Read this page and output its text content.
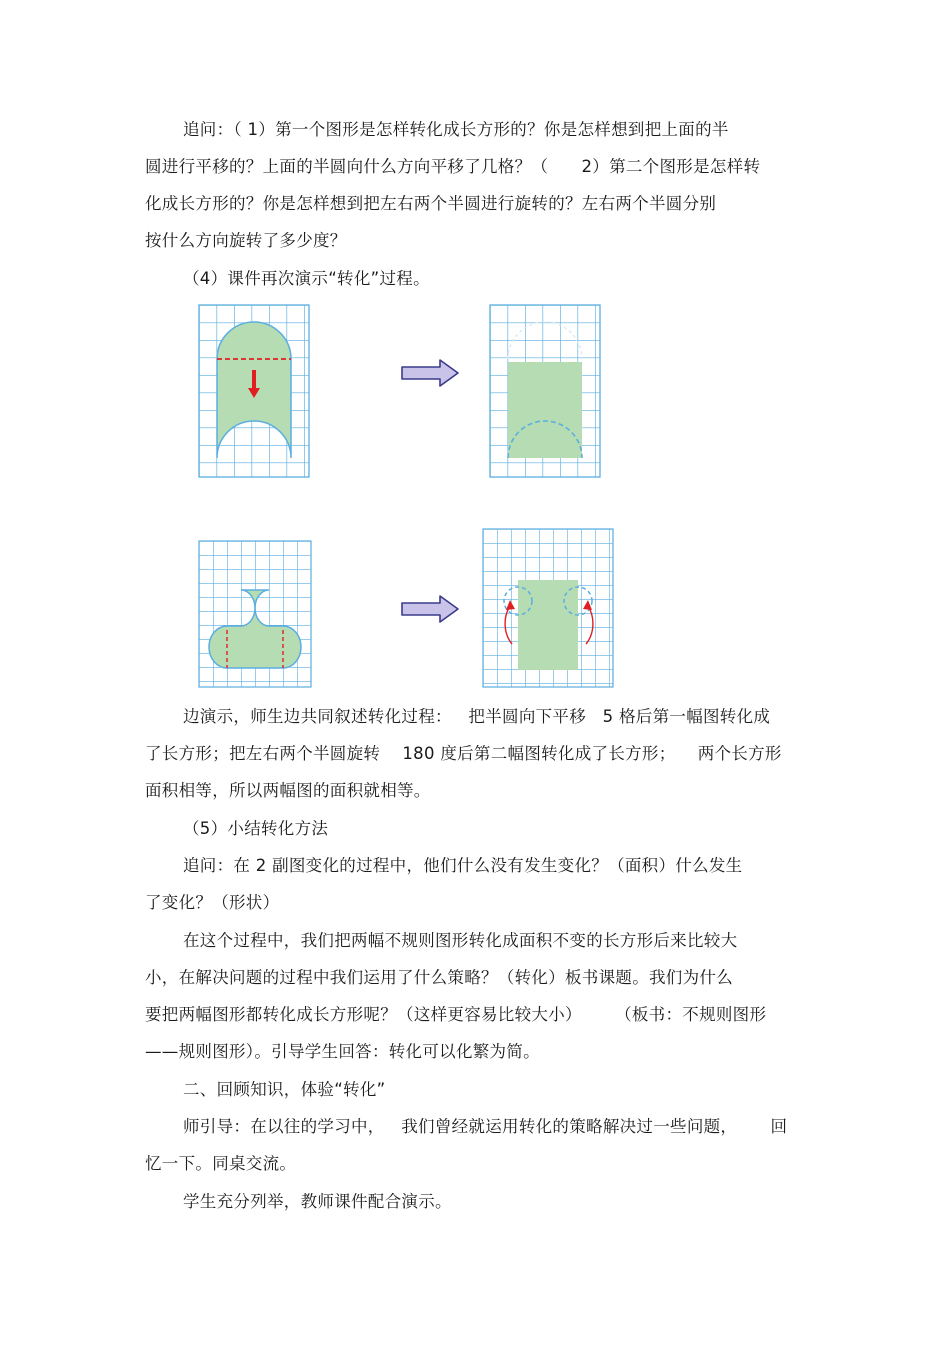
追问：（ 1）第一个图形是怎样转化成长方形的？你是怎样想到把上面的半
圆进行平移的？上面的半圆向什么方向平移了几格？（      2）第二个图形是怎样转
化成长方形的？你是怎样想到把左右两个半圆进行旋转的？左右两个半圆分别
按什么方向旋转了多少度？
（4）课件再次演示“转化”过程。
边演示，师生边共同叙述转化过程：   把半圆向下平移   5 格后第一幅图转化成
了长方形；把左右两个半圆旋转    180 度后第二幅图转化成了长方形；    两个长方形
面积相等，所以两幅图的面积就相等。
（5）小结转化方法
追问：在 2 副图变化的过程中，他们什么没有发生变化？（面积）什么发生
了变化？（形状）
在这个过程中，我们把两幅不规则图形转化成面积不变的长方形后来比较大
小，在解决问题的过程中我们运用了什么策略？（转化）板书课题。我们为什么
要把两幅图形都转化成长方形呢？（这样更容易比较大小）      （板书：不规则图形
——规则图形）。引导学生回答：转化可以化繁为简。
二、回顾知识，体验“转化”
师引导：在以往的学习中，   我们曾经就运用转化的策略解决过一些问题，      回
忆一下。同桌交流。
学生充分列举，教师课件配合演示。
